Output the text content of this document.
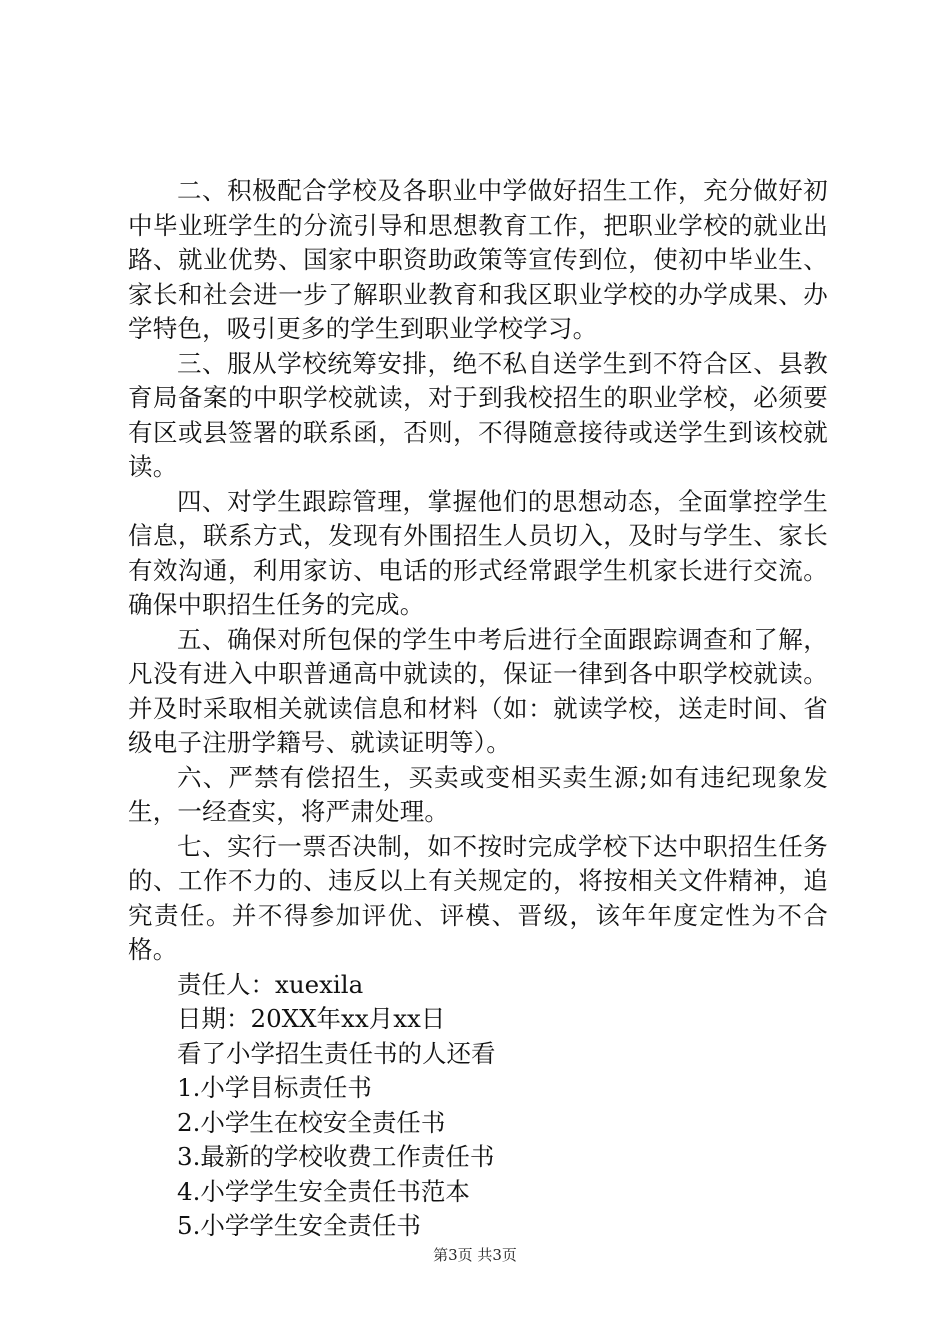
二、积极配合学校及各职业中学做好招生工作，充分做好初中毕业班学生的分流引导和思想教育工作，把职业学校的就业出路、就业优势、国家中职资助政策等宣传到位，使初中毕业生、家长和社会进一步了解职业教育和我区职业学校的办学成果、办学特色，吸引更多的学生到职业学校学习。

三、服从学校统筹安排，绝不私自送学生到不符合区、县教育局备案的中职学校就读，对于到我校招生的职业学校，必须要有区或县签署的联系函，否则，不得随意接待或送学生到该校就读。

四、对学生跟踪管理，掌握他们的思想动态，全面掌控学生信息，联系方式，发现有外围招生人员切入，及时与学生、家长有效沟通，利用家访、电话的形式经常跟学生机家长进行交流。确保中职招生任务的完成。

五、确保对所包保的学生中考后进行全面跟踪调查和了解，凡没有进入中职普通高中就读的，保证一律到各中职学校就读。并及时采取相关就读信息和材料（如：就读学校，送走时间、省级电子注册学籍号、就读证明等）。

六、严禁有偿招生，买卖或变相买卖生源;如有违纪现象发生，一经查实，将严肃处理。

七、实行一票否决制，如不按时完成学校下达中职招生任务的、工作不力的、违反以上有关规定的，将按相关文件精神，追究责任。并不得参加评优、评模、晋级，该年年度定性为不合格。

责任人：xuexila

日期：20XX年xx月xx日

看了小学招生责任书的人还看

1.小学目标责任书

2.小学生在校安全责任书

3.最新的学校收费工作责任书

4.小学学生安全责任书范本

5.小学学生安全责任书

第3页 共3页
